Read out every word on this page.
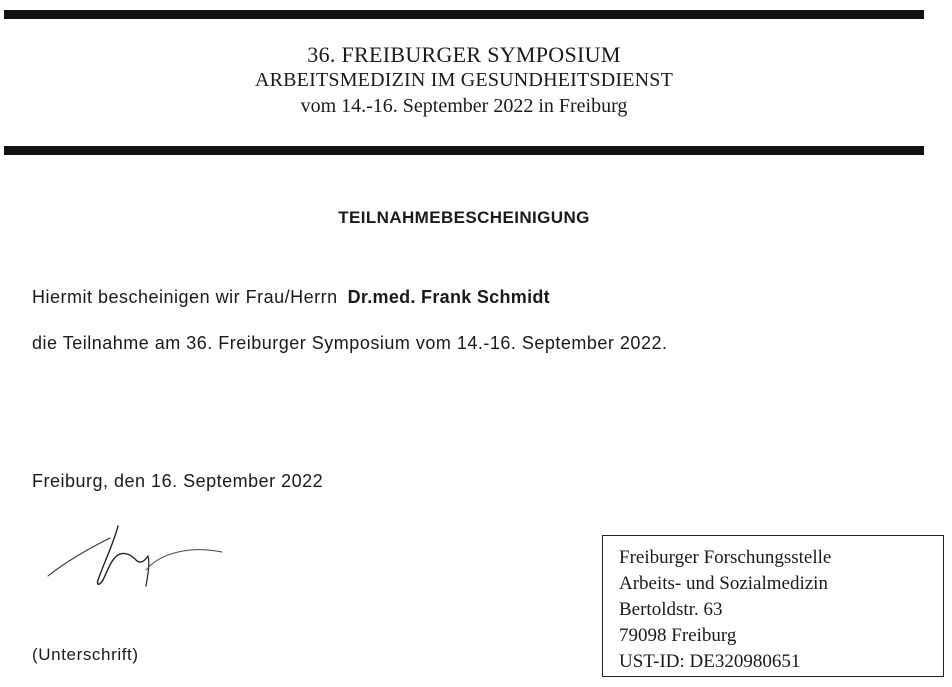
36. FREIBURGER SYMPOSIUM
ARBEITSMEDIZIN IM GESUNDHEITSDIENST
vom 14.-16. September 2022 in Freiburg
TEILNAHMEBESCHEINIGUNG
Hiermit bescheinigen wir Frau/Herrn Dr.med. Frank Schmidt
die Teilnahme am 36. Freiburger Symposium vom 14.-16. September 2022.
Freiburg, den 16. September 2022
(Unterschrift)
Freiburger Forschungsstelle
Arbeits- und Sozialmedizin
Bertoldstr. 63
79098 Freiburg
UST-ID: DE320980651
